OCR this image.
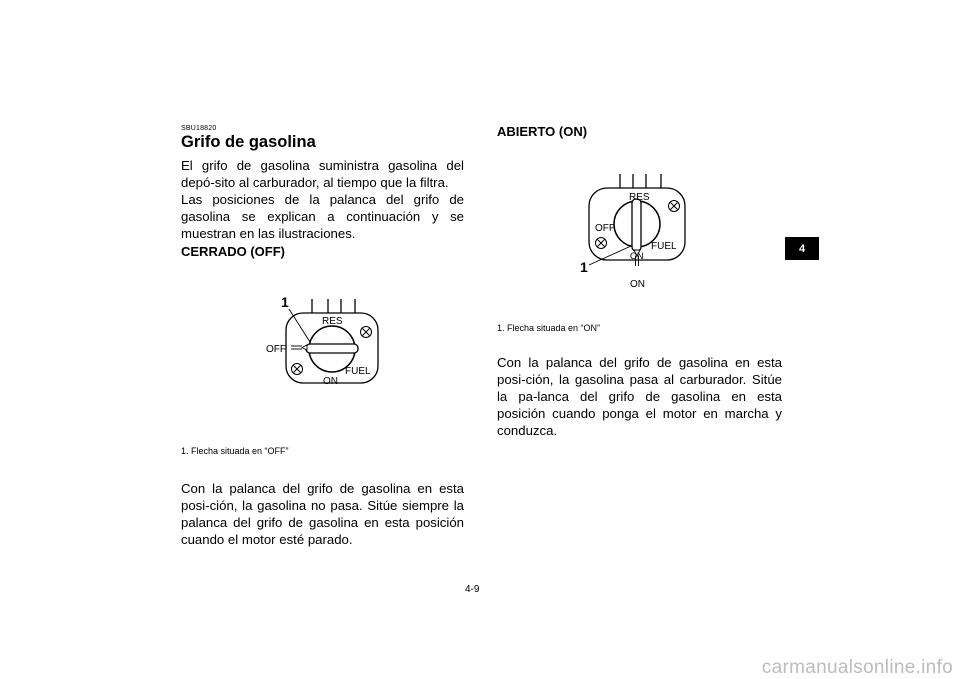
SBU18820
Grifo de gasolina
El grifo de gasolina suministra gasolina del depó-sito al carburador, al tiempo que la filtra.
Las posiciones de la palanca del grifo de gasolina se explican a continuación y se muestran en las ilustraciones.
CERRADO (OFF)
1
RES
OFF
FUEL
ON
1. Flecha situada en “OFF”
Con la palanca del grifo de gasolina en esta posi-ción, la gasolina no pasa. Sitúe siempre la palanca del grifo de gasolina en esta posición cuando el motor esté parado.
ABIERTO (ON)
1
RES
OFF
FUEL
ON
ON
1. Flecha situada en “ON”
Con la palanca del grifo de gasolina en esta posi-ción, la gasolina pasa al carburador. Sitúe la pa-lanca del grifo de gasolina en esta posición cuando ponga el motor en marcha y conduzca.
4-9
4
carmanualsonline.info
